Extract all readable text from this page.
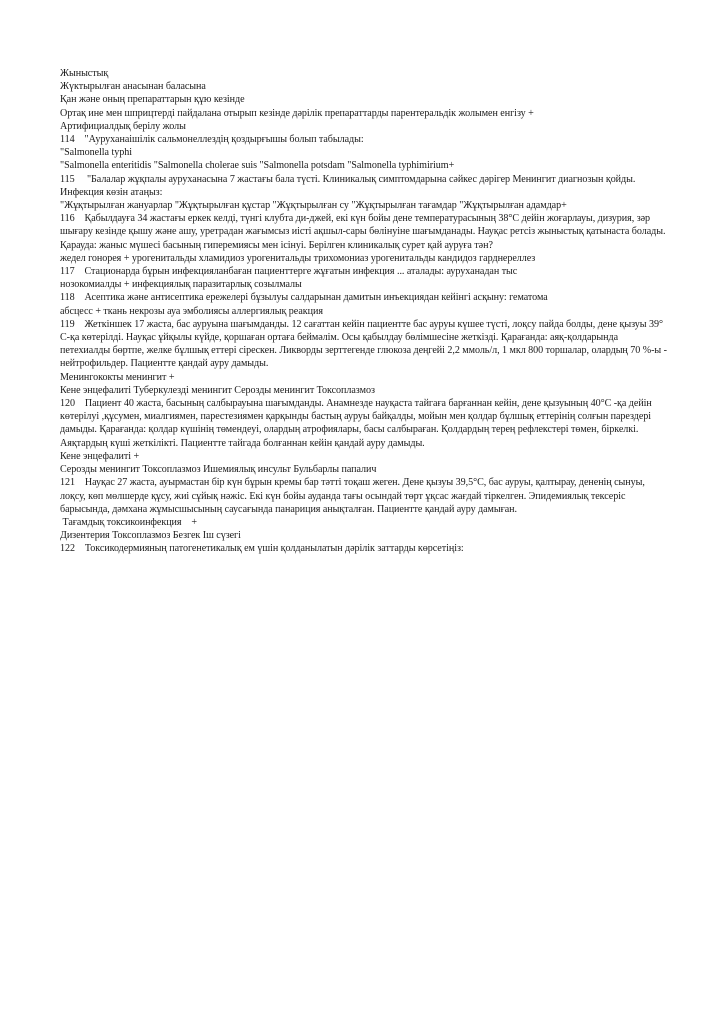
Жыныстық

Жүктырылған анасынан баласына

Қан және оның препараттарын құю кезінде

Ортақ ине мен шприцтерді пайдалана отырып кезінде дәрілік препараттарды парентеральдік жолымен енгізу +

Артифициалдық берілу жолы

114    "Ауруханаішілік сальмонеллездің қоздырғышы болып табылады:

"Salmonella typhi

"Salmonella enteritidis "Salmonella cholerae suis "Salmonella potsdam "Salmonella typhimirium+

115     "Балалар жұқпалы ауруханасына 7 жастағы бала түсті. Клиникалық симптомдарына сәйкес дәрігер Менингит диагнозын қойды. Инфекция көзін атаңыз:

"Жұқтырылған жануарлар "Жұқтырылған құстар "Жұқтырылған су "Жұқтырылған тағамдар "Жұқтырылған адамдар+

116    Қабылдауға 34 жастағы еркек келді, түнгі клубта ди-джей, екі күн бойы дене температурасының 38°С дейін жоғарлауы, дизурия, зәр шығару кезінде қышу және ашу, уретрадан жағымсыз иісті ақшыл-сары бөлінуіне шағымданады. Науқас ретсіз жыныстық қатынаста болады. Қарауда: жаныс мүшесі басының гиперемиясы мен ісінуі. Берілген клиникалық сурет қай ауруға тән?

жедел гонорея + урогенитальды хламидиоз урогенитальды трихомониаз урогенитальды кандидоз гарднереллез

117    Стационарда бұрын инфекцияланбаған пациенттерге жұғатын инфекция ... аталады: ауруханадан тыс

нозокомиалды + инфекциялық паразитарлық созылмалы

118    Асептика және антисептика ережелері бұзылуы салдарынан дамитын инъекциядан кейінгі асқыну: гематома

абсцесс + ткань некрозы ауа эмболиясы аллергиялық реакция

119    Жеткіншек 17 жаста, бас ауруына шағымданды. 12 сағаттан кейін пациентте бас ауруы күшее түсті, лоқсу пайда болды, дене қызуы 39° С-қа көтерілді. Науқас ұйқылы күйде, қоршаған ортаға беймәлім. Осы қабылдау бөлімшесіне жеткізді. Қарағанда: аяқ-қолдарында петехиалды бөртпе, желке бұлшық еттері сіреcкен. Ликворды зерттегенде глюкоза деңгейі 2,2 ммоль/л, 1 мкл 800 торшалар, олардың 70 %-ы - нейтрофильдер. Пациентте қандай ауру дамыды.

Менингококты менингит +

Кене энцефалиті Туберкулезді менингит Серозды менингит Токсоплазмоз

120    Пациент 40 жаста, басының салбырауына шағымданды. Анамнезде науқаста тайгаға барғаннан кейін, дене қызуының 40°С -қа дейін көтерілуі ,құсумен, миалгиямен, парестезиямен қарқынды бастың ауруы байқалды, мойын мен қолдар бұлшық еттерінің солғын парездері дамыды. Қарағанда: қолдар күшінің төмендеуі, олардың атрофиялары, басы салбыраған. Қолдардың терең рефлекстері төмен, біркелкі. Аяқтардың күші жеткілікті. Пациентте тайгада болғаннан кейін қандай ауру дамыды.

Кене энцефалиті +

Серозды менингит Токсоплазмоз Ишемиялық инсульт Бульбарлы папалич

121    Науқас 27 жаста, ауырмастан бір күн бұрын кремы бар тәтті тоқаш жеген. Дене қызуы 39,5°С, бас ауруы, қалтырау, дененің сынуы, лоқсу, көп мөлшерде құсу, жиі сұйық нәжіс. Екі күн бойы ауданда тағы осындай төрт ұқсас жағдай тіркелген. Эпидемиялық тексеріс барысында, дәмхана жұмысшысының саусағында панариция анықталған. Пациентте қандай ауру дамыған.

Тағамдық токсикоинфекция    +

Дизентерия Токсоплазмоз Безгек Іш сүзегі

122    Токсикодермияның патогенетикалық ем үшін қолданылатын дәрілік заттарды көрсетіңіз:
